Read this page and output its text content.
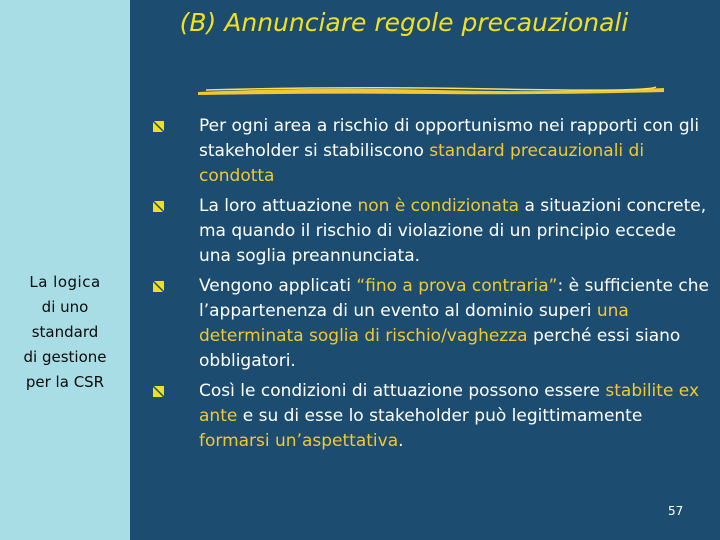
La logica
di uno
standard
di gestione
per la CSR
(B) Annunciare regole precauzionali
Per ogni area a rischio di opportunismo nei rapporti con gli stakeholder si stabiliscono standard precauzionali di condotta
La loro attuazione non è condizionata a situazioni concrete, ma quando il rischio di violazione di un principio eccede una soglia preannunciata.
Vengono applicati “fino a prova contraria”: è sufficiente che l’appartenenza di un evento al dominio superi una determinata soglia di rischio/vaghezza perché essi siano obbligatori.
Così le condizioni di attuazione possono essere stabilite ex ante e su di esse lo stakeholder può legittimamente formarsi un’aspettativa.
57
